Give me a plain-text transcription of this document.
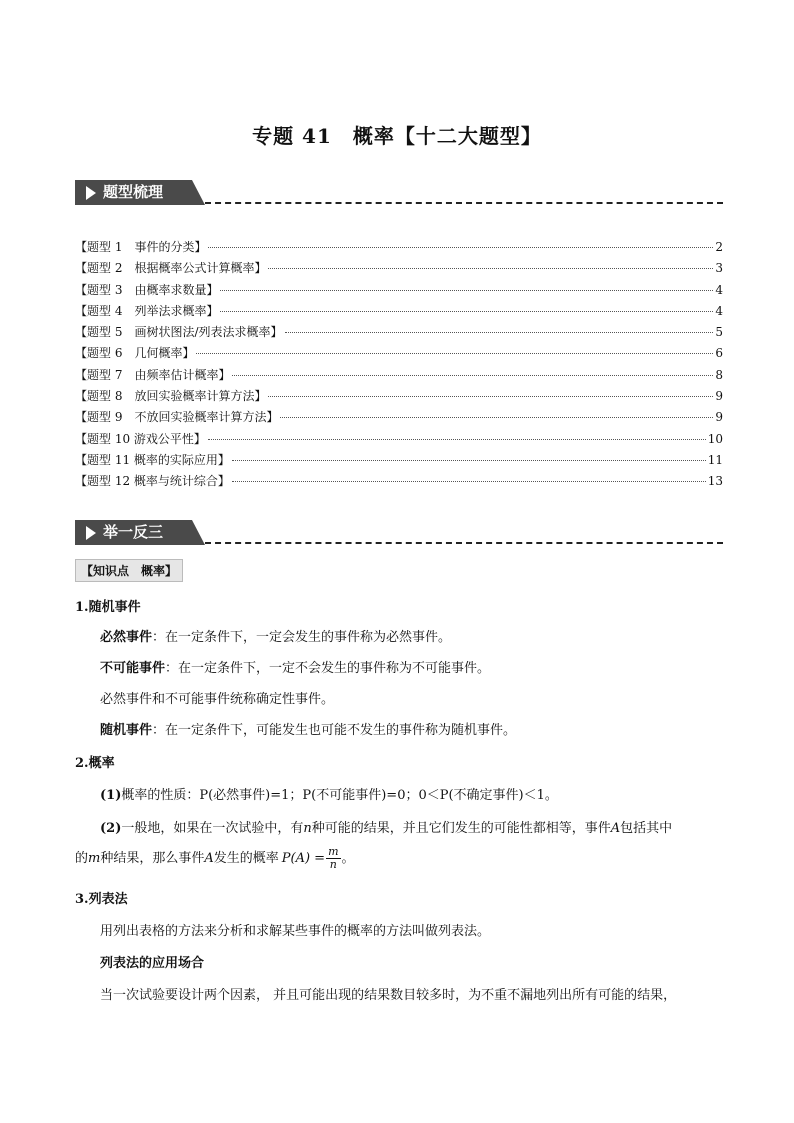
专题 41　概率【十二大题型】
题型梳理
【题型 1　事件的分类】	2
【题型 2　根据概率公式计算概率】	3
【题型 3　由概率求数量】	4
【题型 4　列举法求概率】	4
【题型 5　画树状图法/列表法求概率】	5
【题型 6　几何概率】	6
【题型 7　由频率估计概率】	8
【题型 8　放回实验概率计算方法】	9
【题型 9　不放回实验概率计算方法】	9
【题型 10 游戏公平性】	10
【题型 11 概率的实际应用】	11
【题型 12 概率与统计综合】	13
举一反三
【知识点　概率】
1.随机事件
必然事件：在一定条件下，一定会发生的事件称为必然事件。
不可能事件：在一定条件下，一定不会发生的事件称为不可能事件。
必然事件和不可能事件统称确定性事件。
随机事件：在一定条件下，可能发生也可能不发生的事件称为随机事件。
2.概率
(1)概率的性质：P(必然事件)=1；P(不可能事件)=0；0＜P(不确定事件)＜1。
(2)一般地，如果在一次试验中，有n种可能的结果，并且它们发生的可能性都相等，事件A包括其中
的m种结果，那么事件A发生的概率 $P(A) = \frac{m}{n}$ 。
3.列表法
用列出表格的方法来分析和求解某些事件的概率的方法叫做列表法。
列表法的应用场合
当一次试验要设计两个因素， 并且可能出现的结果数目较多时，为不重不漏地列出所有可能的结果，
